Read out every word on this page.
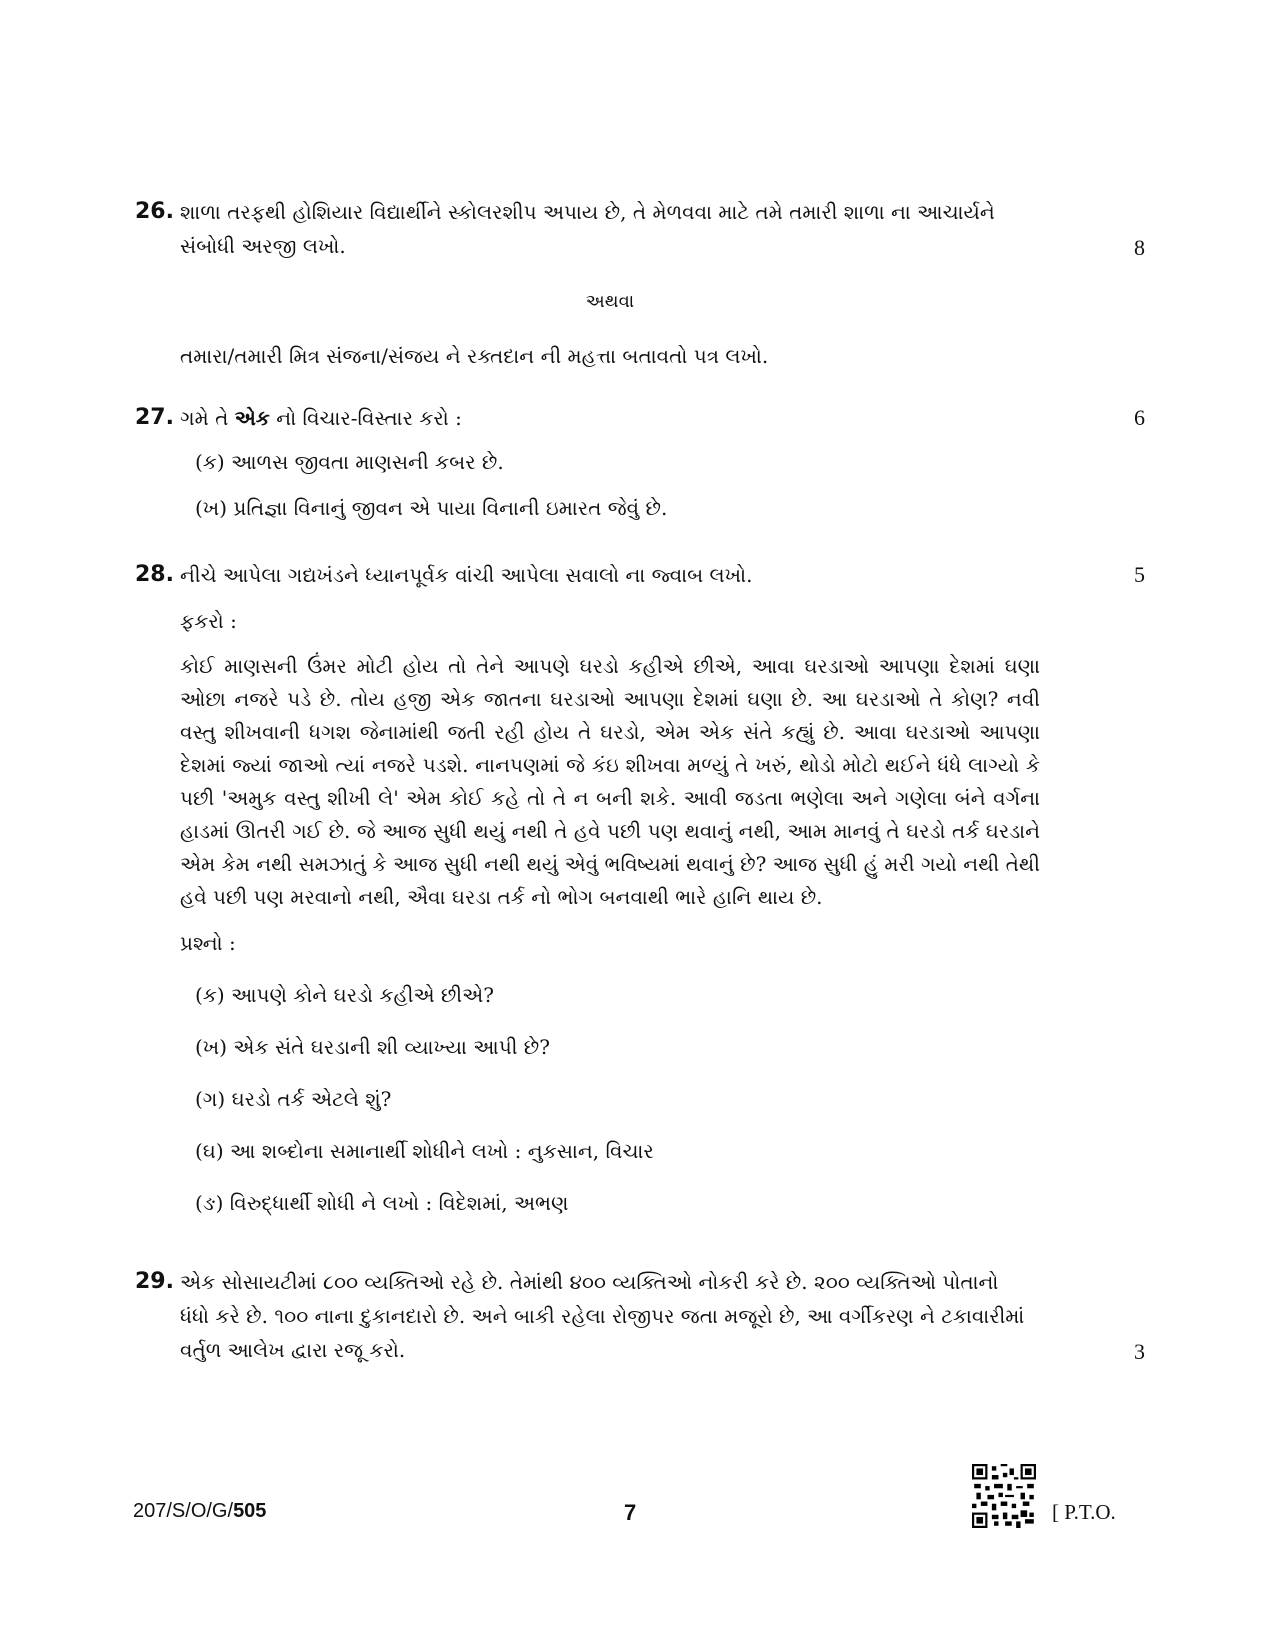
26. શાળા તરફથી હોશિયાર વિદ્યાર્થીને સ્કોલરશીપ અપાય છે, તે મેળવવા માટે તમે તમારી શાળા ના આચાર્યને
સંબોધી અરજી લખો.
અથવા
તમારા/તમારી મિત્ર સંજના/સંજય ને રક્તદાન ની મહત્તા બતાવતો પત્ર લખો.
8
27. ગમે તે એક નો વિચાર-વિસ્તાર કરો :
(ક) આળસ જીવતા માણસની કબર છે.
(ખ) પ્રતિજ્ઞા વિનાનું જીવન એ પાયા વિનાની ઇમારત જેવું છે.
6
28. નીચે આપેલા ગદ્યખંડને ધ્યાનપૂર્વક વાંચી આપેલા સવાલો ના જ્વાબ લખો.
ફકરો :
કોઈ માણસની ઉંમર મોટી હોય તો તેને આપણે ઘરડો કહીએ છીએ, આવા ઘરડાઓ આપણા દેશમાં ઘણા ઓછા નજરે પડે છે. તોય હજી એક જાતના ઘરડાઓ આપણા દેશમાં ઘણા છે. આ ઘરડાઓ તે કોણ? નવી વસ્તુ શીખવાની ધગશ જેનામાંથી જતી રહી હોય તે ઘરડો, એમ એક સંતે કહ્યું છે. આવા ઘરડાઓ આપણા દેશમાં જ્યાં જાઓ ત્યાં નજરે પડશે. નાનપણમાં જે કંઇ શીખવા મળ્યું તે ખરું, થોડો મોટો થઈને ધંધે લાગ્યો કે પછી 'અમુક વસ્તુ શીખી લે' એમ કોઈ કહે તો તે ન બની શકે. આવી જડતા ભણેલા અને ગણેલા બંને વર્ગના હાડમાં ઊતરી ગઈ છે. જે આજ સુધી થયું નથી તે હવે પછી પણ થવાનું નથી, આમ માનવું તે ઘરડો તર્ક ઘરડાને એમ કેમ નથી સમઝાતું કે આજ સુધી નથી થયું એવું ભવિષ્યમાં થવાનું છે? આજ સુધી હું મરી ગયો નથી તેથી હવે પછી પણ મરવાનો નથી, ઐવા ઘરડા તર્ક નો ભોગ બનવાથી ભારે હાનિ થાય છે.
પ્રશ્નો :
(ક) આપણે કોને ઘરડો કહીએ છીએ?
(ખ) એક સંતે ઘરડાની શી વ્યાખ્યા આપી છે?
(ગ) ઘરડો તર્ક એટલે શું?
(ઘ) આ શબ્દોના સમાનાર્થી શોધીને લખો : નુકસાન, વિચાર
(ઙ) વિરુદ્ધાર્થી શોધી ને લખો : વિદેશમાં, અભણ
5
29. એક સોસાયટીમાં ૮૦૦ વ્યક્તિઓ રહે છે. તેમાંથી ૪૦૦ વ્યક્તિઓ નોકરી કરે છે. ૨૦૦ વ્યક્તિઓ પોતાનો
ધંધો કરે છે. ૧૦૦ નાના દુકાનદારો છે. અને બાકી રહેલા રોજીપર જતા મજૂરો છે, આ વર્ગીકરણ ને ટકાવારીમાં
વર્તુળ આલેખ દ્વારા રજૂ કરો.	3
207/S/O/G/505	7	[ P.T.O.
